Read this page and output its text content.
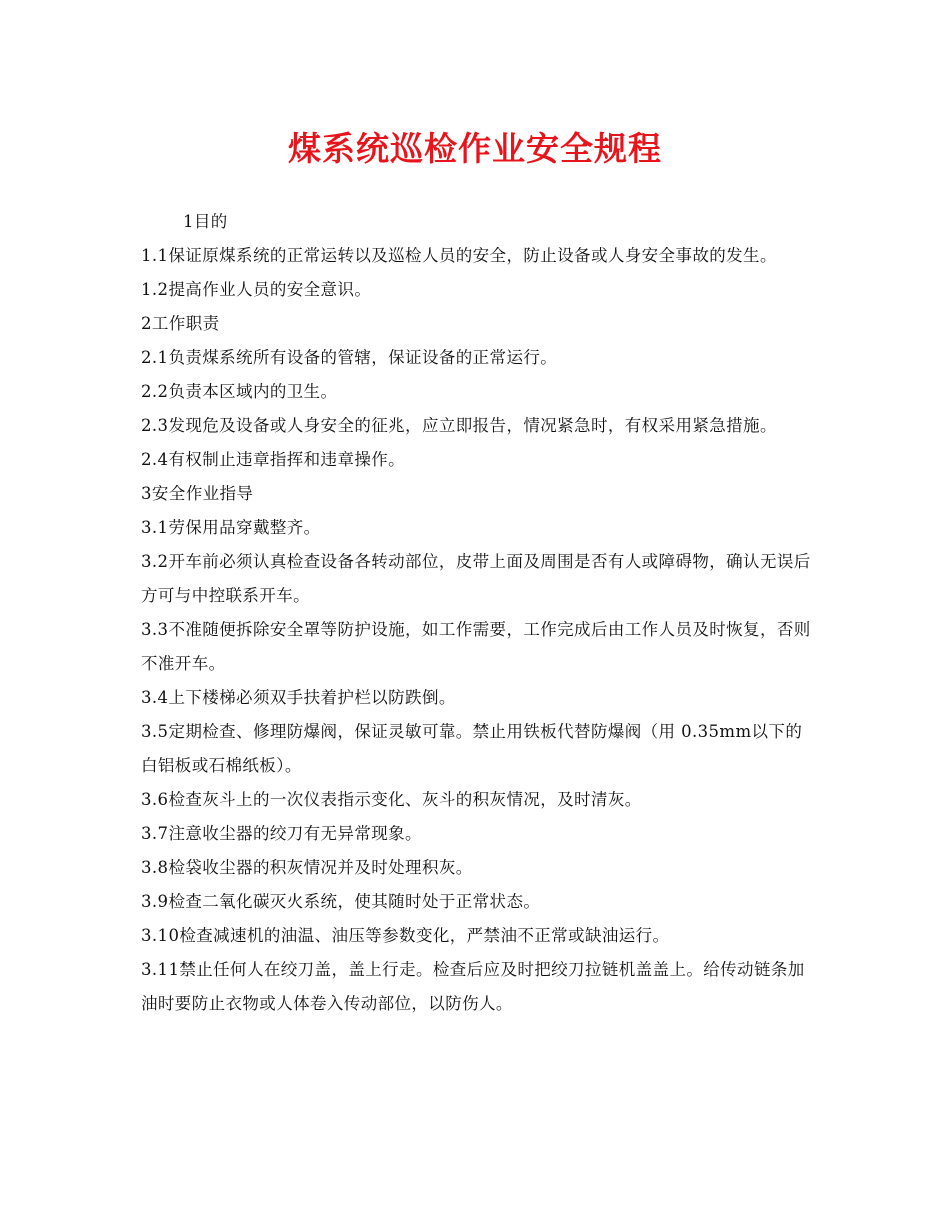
煤系统巡检作业安全规程

1目的

1.1保证原煤系统的正常运转以及巡检人员的安全，防止设备或人身安全事故的发生。

1.2提高作业人员的安全意识。

2工作职责

2.1负责煤系统所有设备的管辖，保证设备的正常运行。

2.2负责本区域内的卫生。

2.3发现危及设备或人身安全的征兆，应立即报告，情况紧急时，有权采用紧急措施。

2.4有权制止违章指挥和违章操作。

3安全作业指导

3.1劳保用品穿戴整齐。

3.2开车前必须认真检查设备各转动部位，皮带上面及周围是否有人或障碍物，确认无误后方可与中控联系开车。

3.3不准随便拆除安全罩等防护设施，如工作需要，工作完成后由工作人员及时恢复，否则不准开车。

3.4上下楼梯必须双手扶着护栏以防跌倒。

3.5定期检查、修理防爆阀，保证灵敏可靠。禁止用铁板代替防爆阀（用 0.35mm以下的白铝板或石棉纸板）。

3.6检查灰斗上的一次仪表指示变化、灰斗的积灰情况，及时清灰。

3.7注意收尘器的绞刀有无异常现象。

3.8检袋收尘器的积灰情况并及时处理积灰。

3.9检查二氧化碳灭火系统，使其随时处于正常状态。

3.10检查减速机的油温、油压等参数变化，严禁油不正常或缺油运行。

3.11禁止任何人在绞刀盖，盖上行走。检查后应及时把绞刀拉链机盖盖上。给传动链条加油时要防止衣物或人体卷入传动部位，以防伤人。
